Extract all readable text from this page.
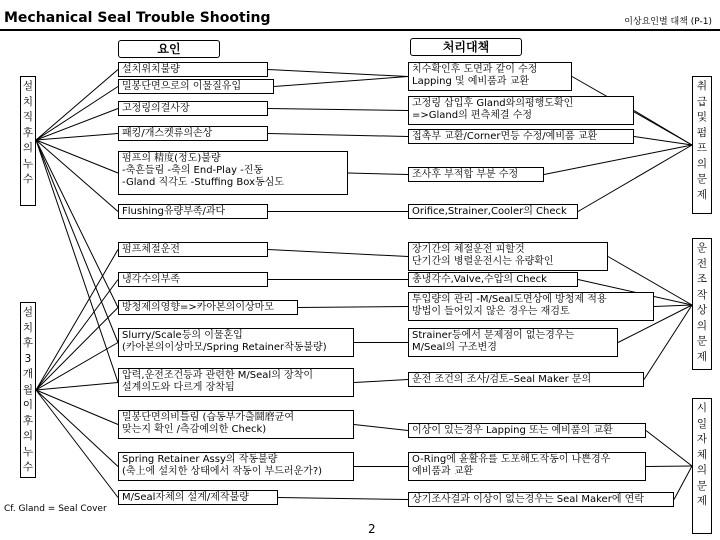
Mechanical Seal Trouble Shooting	이상요인별 대책 (P-1)
요인	처리대책
설
치
직
후
의
누
수
설
치
후
3
개
월
이
후
의
누
수
취
급
및
펌
프
의
문
제
운
전
조
작
상
의
문
제
시
일
자
체
의
문
제
설치위치불량
밀봉단면으로의 이물질유입
고정링의결사장
패킹/개스켓류의손상
펌프의 精度(정도)불량
-축흔들림 -축의 End-Play -진동
-Gland 직각도 -Stuffing Box동심도
Flushing유량부족/과다
펌프체절운전
냉각수의부족
방청제의영향=>카아본의이상마모
Slurry/Scale등의 이물혼입
(카아본의이상마모/Spring Retainer작동불량)
압력,운전조건등과 관련한 M/Seal의 장착이
설계의도와 다르게 장착됨
밀봉단면의비틀림 (습동부가출鬪磨균여
맞는지 확인 /측감예의한 Check)
Spring Retainer Assy의 작동불량
(축上에 설치한 상태에서 작동이 부드러운가?)
M/Seal자체의 설계/제작불량
치수확인후 도면과 같이 수정
Lapping 및 예비품과 교환
고정링 삽입후 Gland와의평행도확인
=>Gland의 편측체결 수정
접촉부 교환/Corner면등 수정/예비품 교환
조사후 부적합 부분 수정
Orifice,Strainer,Cooler의 Check
장기간의 체절운전 피할것
단기간의 병렬운전시는 유량확인
총냉각수,Valve,수압의 Check
투입량의 관리 -M/Seal도면상에 방청제 적용
방법이 들어있지 않은 경우는 재검토
Strainer등에서 문제점이 없는경우는
M/Seal의 구조변경
운전 조건의 조사/검토–Seal Maker 문의
이상이 있는경우 Lapping 또는 예비품의 교환
O-Ring에 윤활유를 도포해도작동이 나쁜경우
예비품과 교환
상기조사결과 이상이 없는경우는 Seal Maker에 연락
Cf. Gland = Seal Cover
2
